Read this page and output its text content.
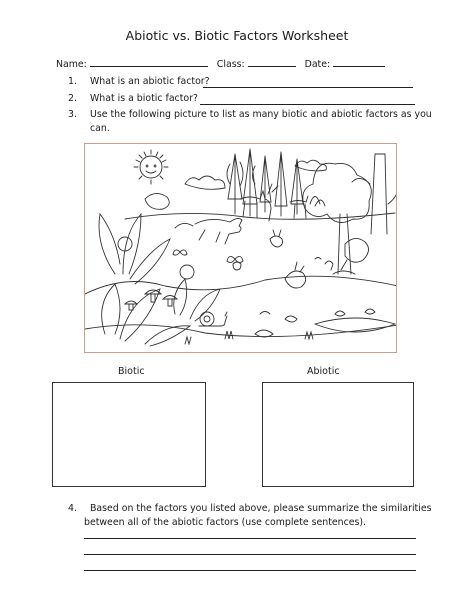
Abiotic vs. Biotic Factors Worksheet
Name:	Class:	Date:
1. What is an abiotic factor?
2. What is a biotic factor?
3. Use the following picture to list as many biotic and abiotic factors as you
can.
Biotic	Abiotic
4. Based on the factors you listed above, please summarize the similarities
between all of the abiotic factors (use complete sentences).
